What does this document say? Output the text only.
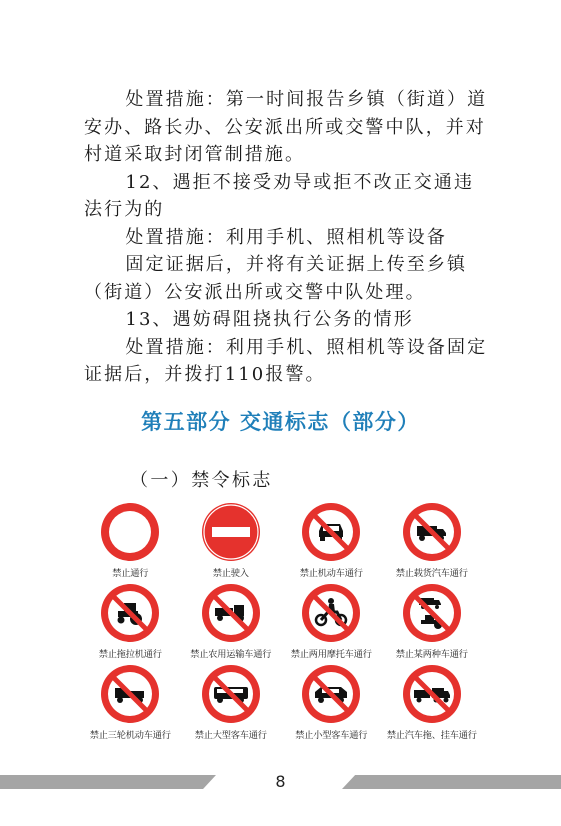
处置措施：第一时间报告乡镇（街道）道安办、路长办、公安派出所或交警中队，并对村道采取封闭管制措施。

12、遇拒不接受劝导或拒不改正交通违法行为的

处置措施：利用手机、照相机等设备

固定证据后，并将有关证据上传至乡镇（街道）公安派出所或交警中队处理。

13、遇妨碍阻挠执行公务的情形

处置措施：利用手机、照相机等设备固定证据后，并拨打110报警。

第五部分 交通标志（部分）
（一）禁令标志
禁止通行	禁止驶入	禁止机动车通行	禁止载货汽车通行
禁止拖拉机通行	禁止农用运输车通行 禁止两用摩托车通行	禁止某两种车通行
禁止三轮机动车通行	禁止大型客车通行	禁止小型客车通行 禁止汽车拖、挂车通行
8
